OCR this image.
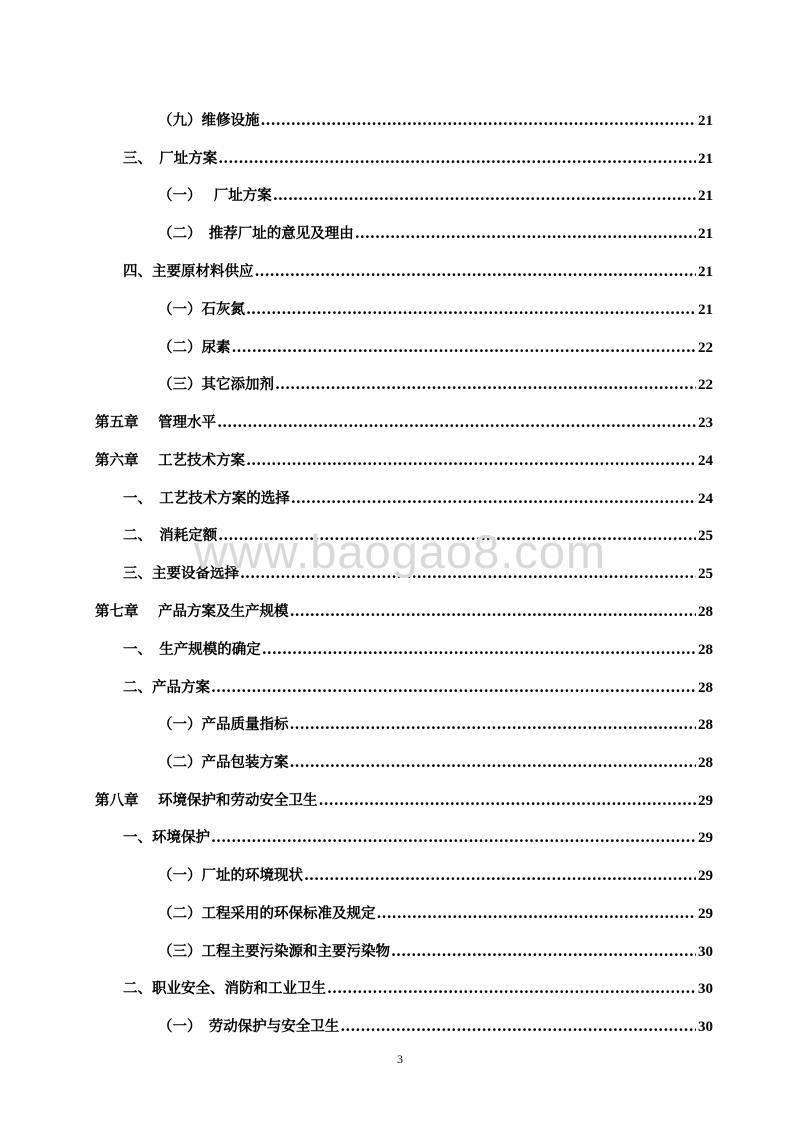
（九）维修设施 .....	21
三、　厂址方案 .....	21
（一）　 厂址方案 .....	21
（二）　推荐厂址的意见及理由 .....	21
四、主要原材料供应 .....	21
（一）石灰氮 .....	21
（二）尿素 .....	22
（三）其它添加剂 .....	22
第五章　 管理水平 .....	23
第六章　 工艺技术方案 .....	24
一、　工艺技术方案的选择 .....	24
二、　消耗定额 .....	25
三、主要设备选择 .....	25
第七章　 产品方案及生产规模 .....	28
一、　生产规模的确定 .....	28
二、产品方案 .....	28
（一）产品质量指标 .....	28
（二）产品包装方案 .....	28
第八章　 环境保护和劳动安全卫生 .....	29
一、环境保护 .....	29
（一）厂址的环境现状 .....	29
（二）工程采用的环保标准及规定 .....	29
（三）工程主要污染源和主要污染物 .....	30
二、职业安全、消防和工业卫生 .....	30
（一）　劳动保护与安全卫生 .....	30
www.baogao8.com
3
